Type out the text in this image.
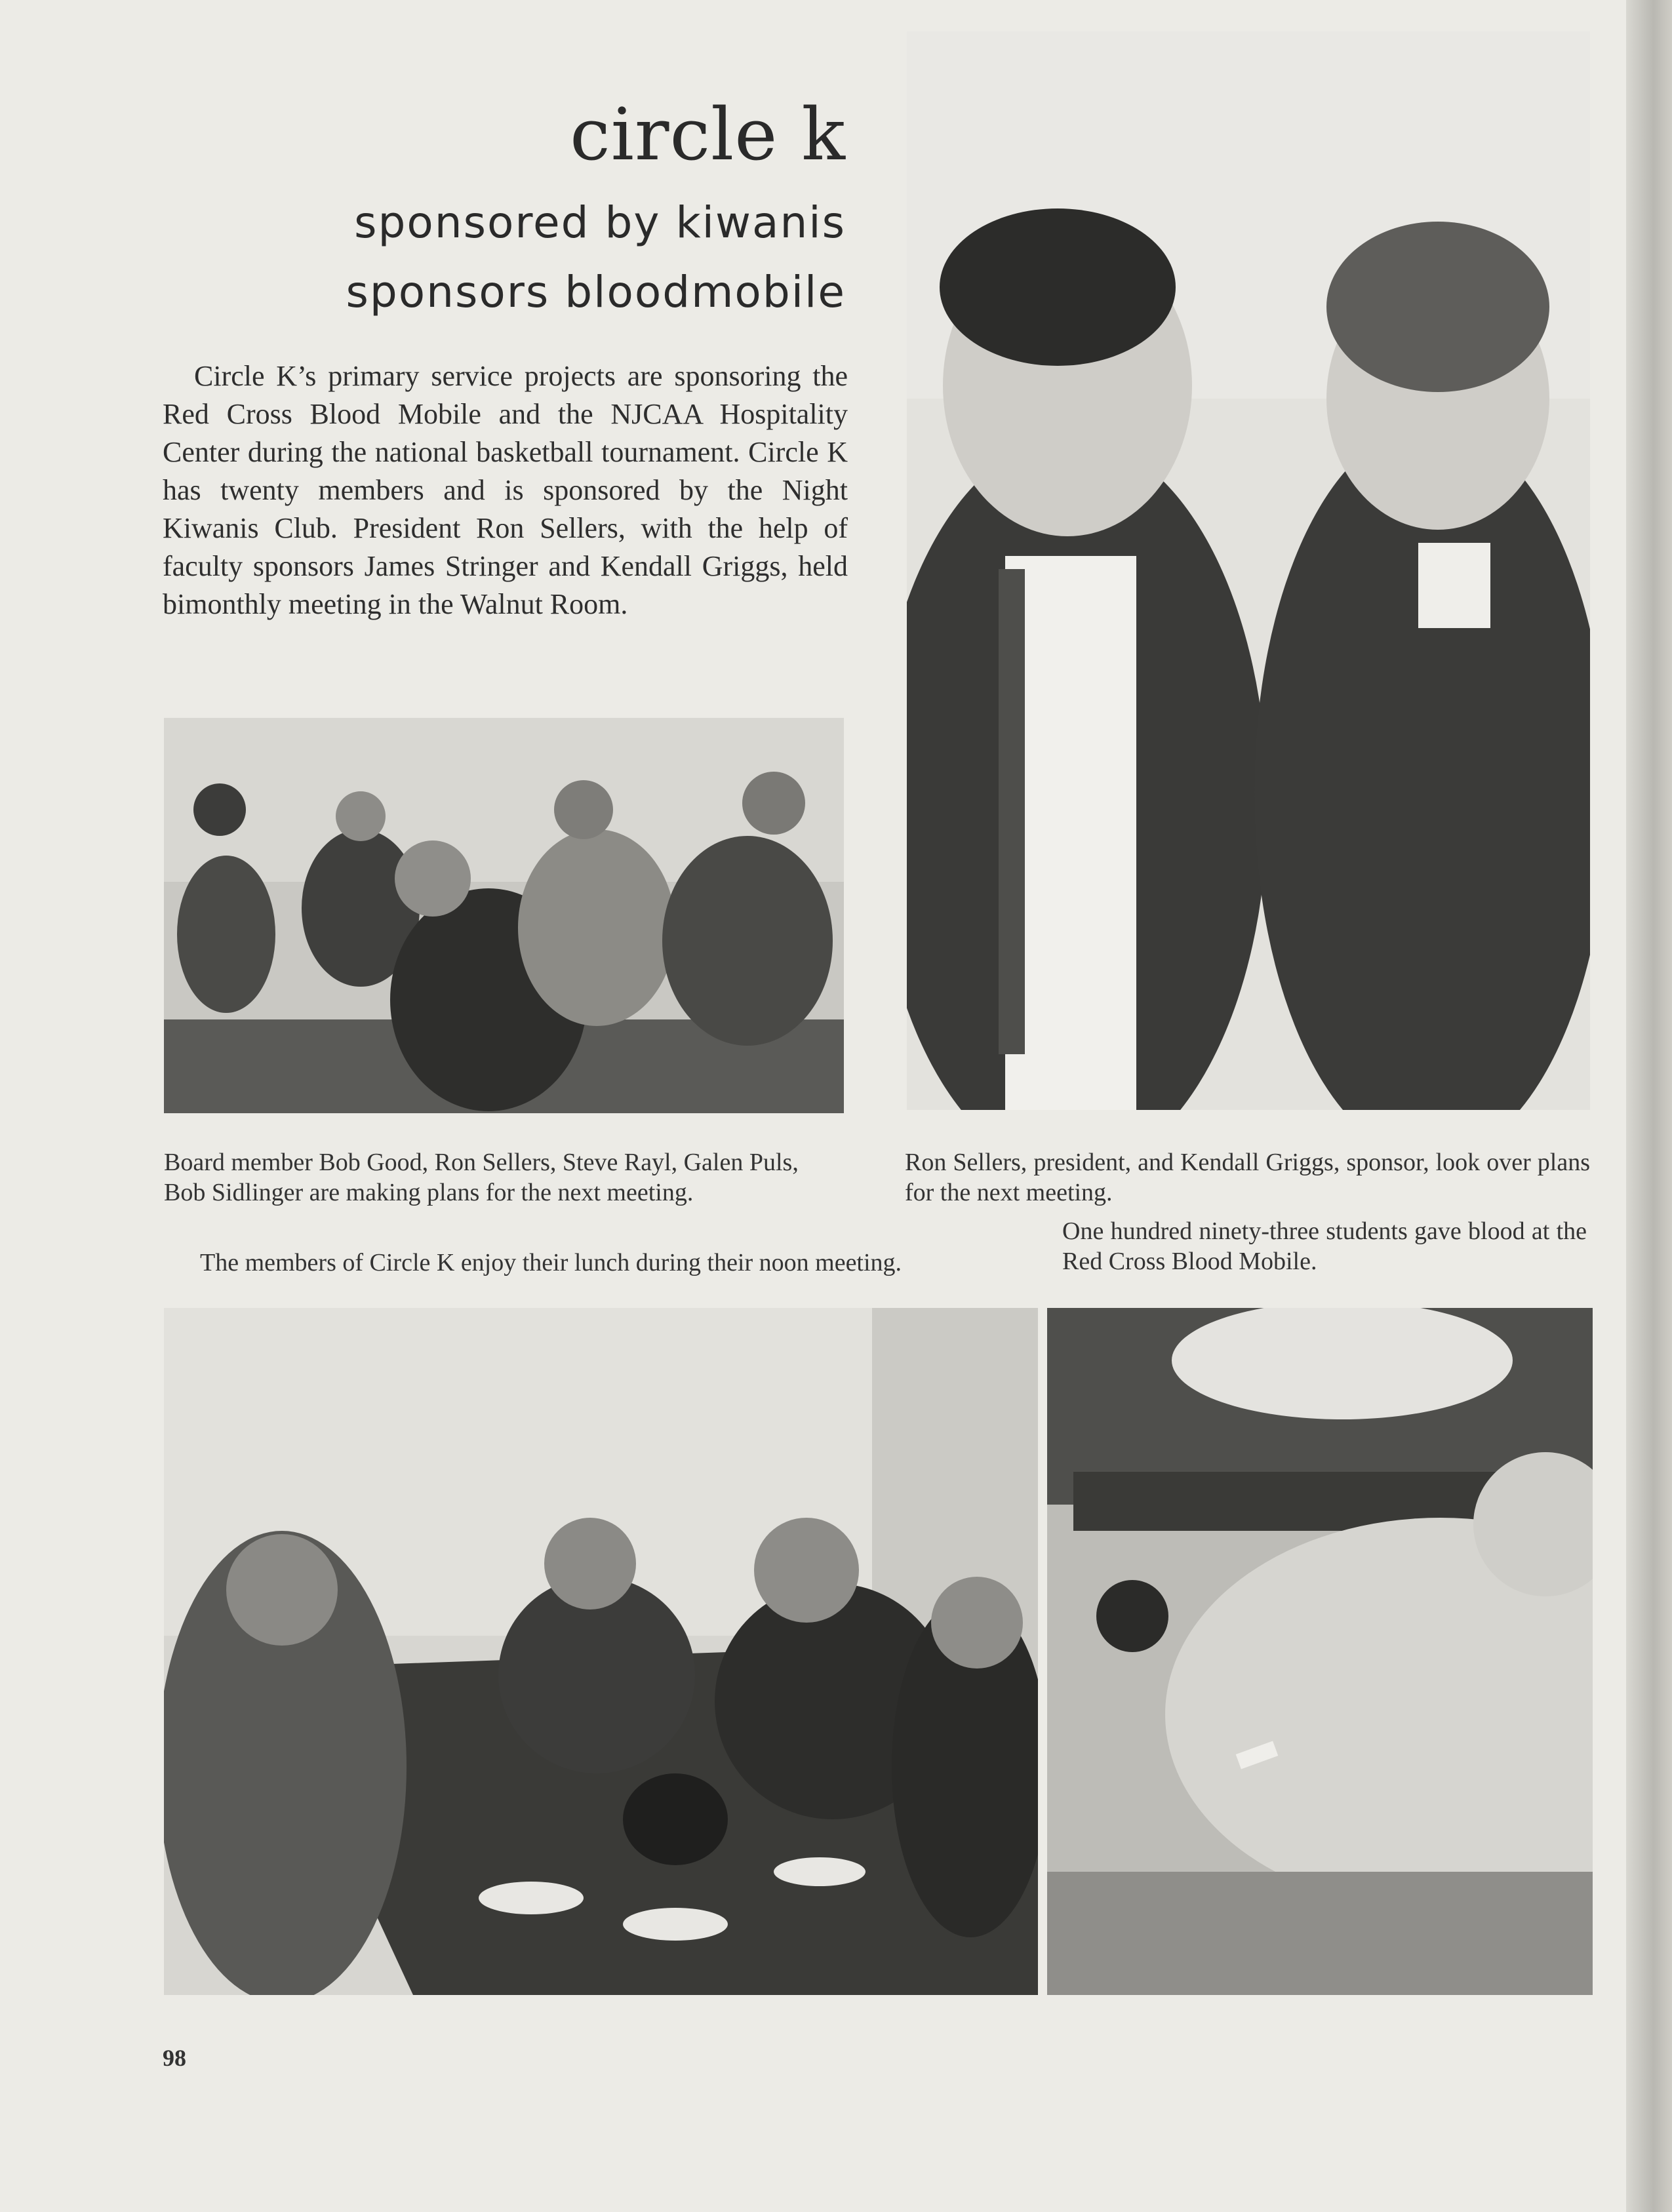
circle k
sponsored by kiwanis
sponsors bloodmobile

Circle K’s primary service projects are sponsoring the Red Cross Blood Mobile and the NJCAA Hospitality Center during the national basketball tournament. Circle K has twenty members and is sponsored by the Night Kiwanis Club. President Ron Sellers, with the help of faculty sponsors James Stringer and Kendall Griggs, held bimonthly meeting in the Walnut Room.

Board member Bob Good, Ron Sellers, Steve Rayl, Galen Puls, Bob Sidlinger are making plans for the next meeting.
Ron Sellers, president, and Kendall Griggs, sponsor, look over plans for the next meeting.
The members of Circle K enjoy their lunch during their noon meeting.
One hundred ninety-three students gave blood at the Red Cross Blood Mobile.
98
